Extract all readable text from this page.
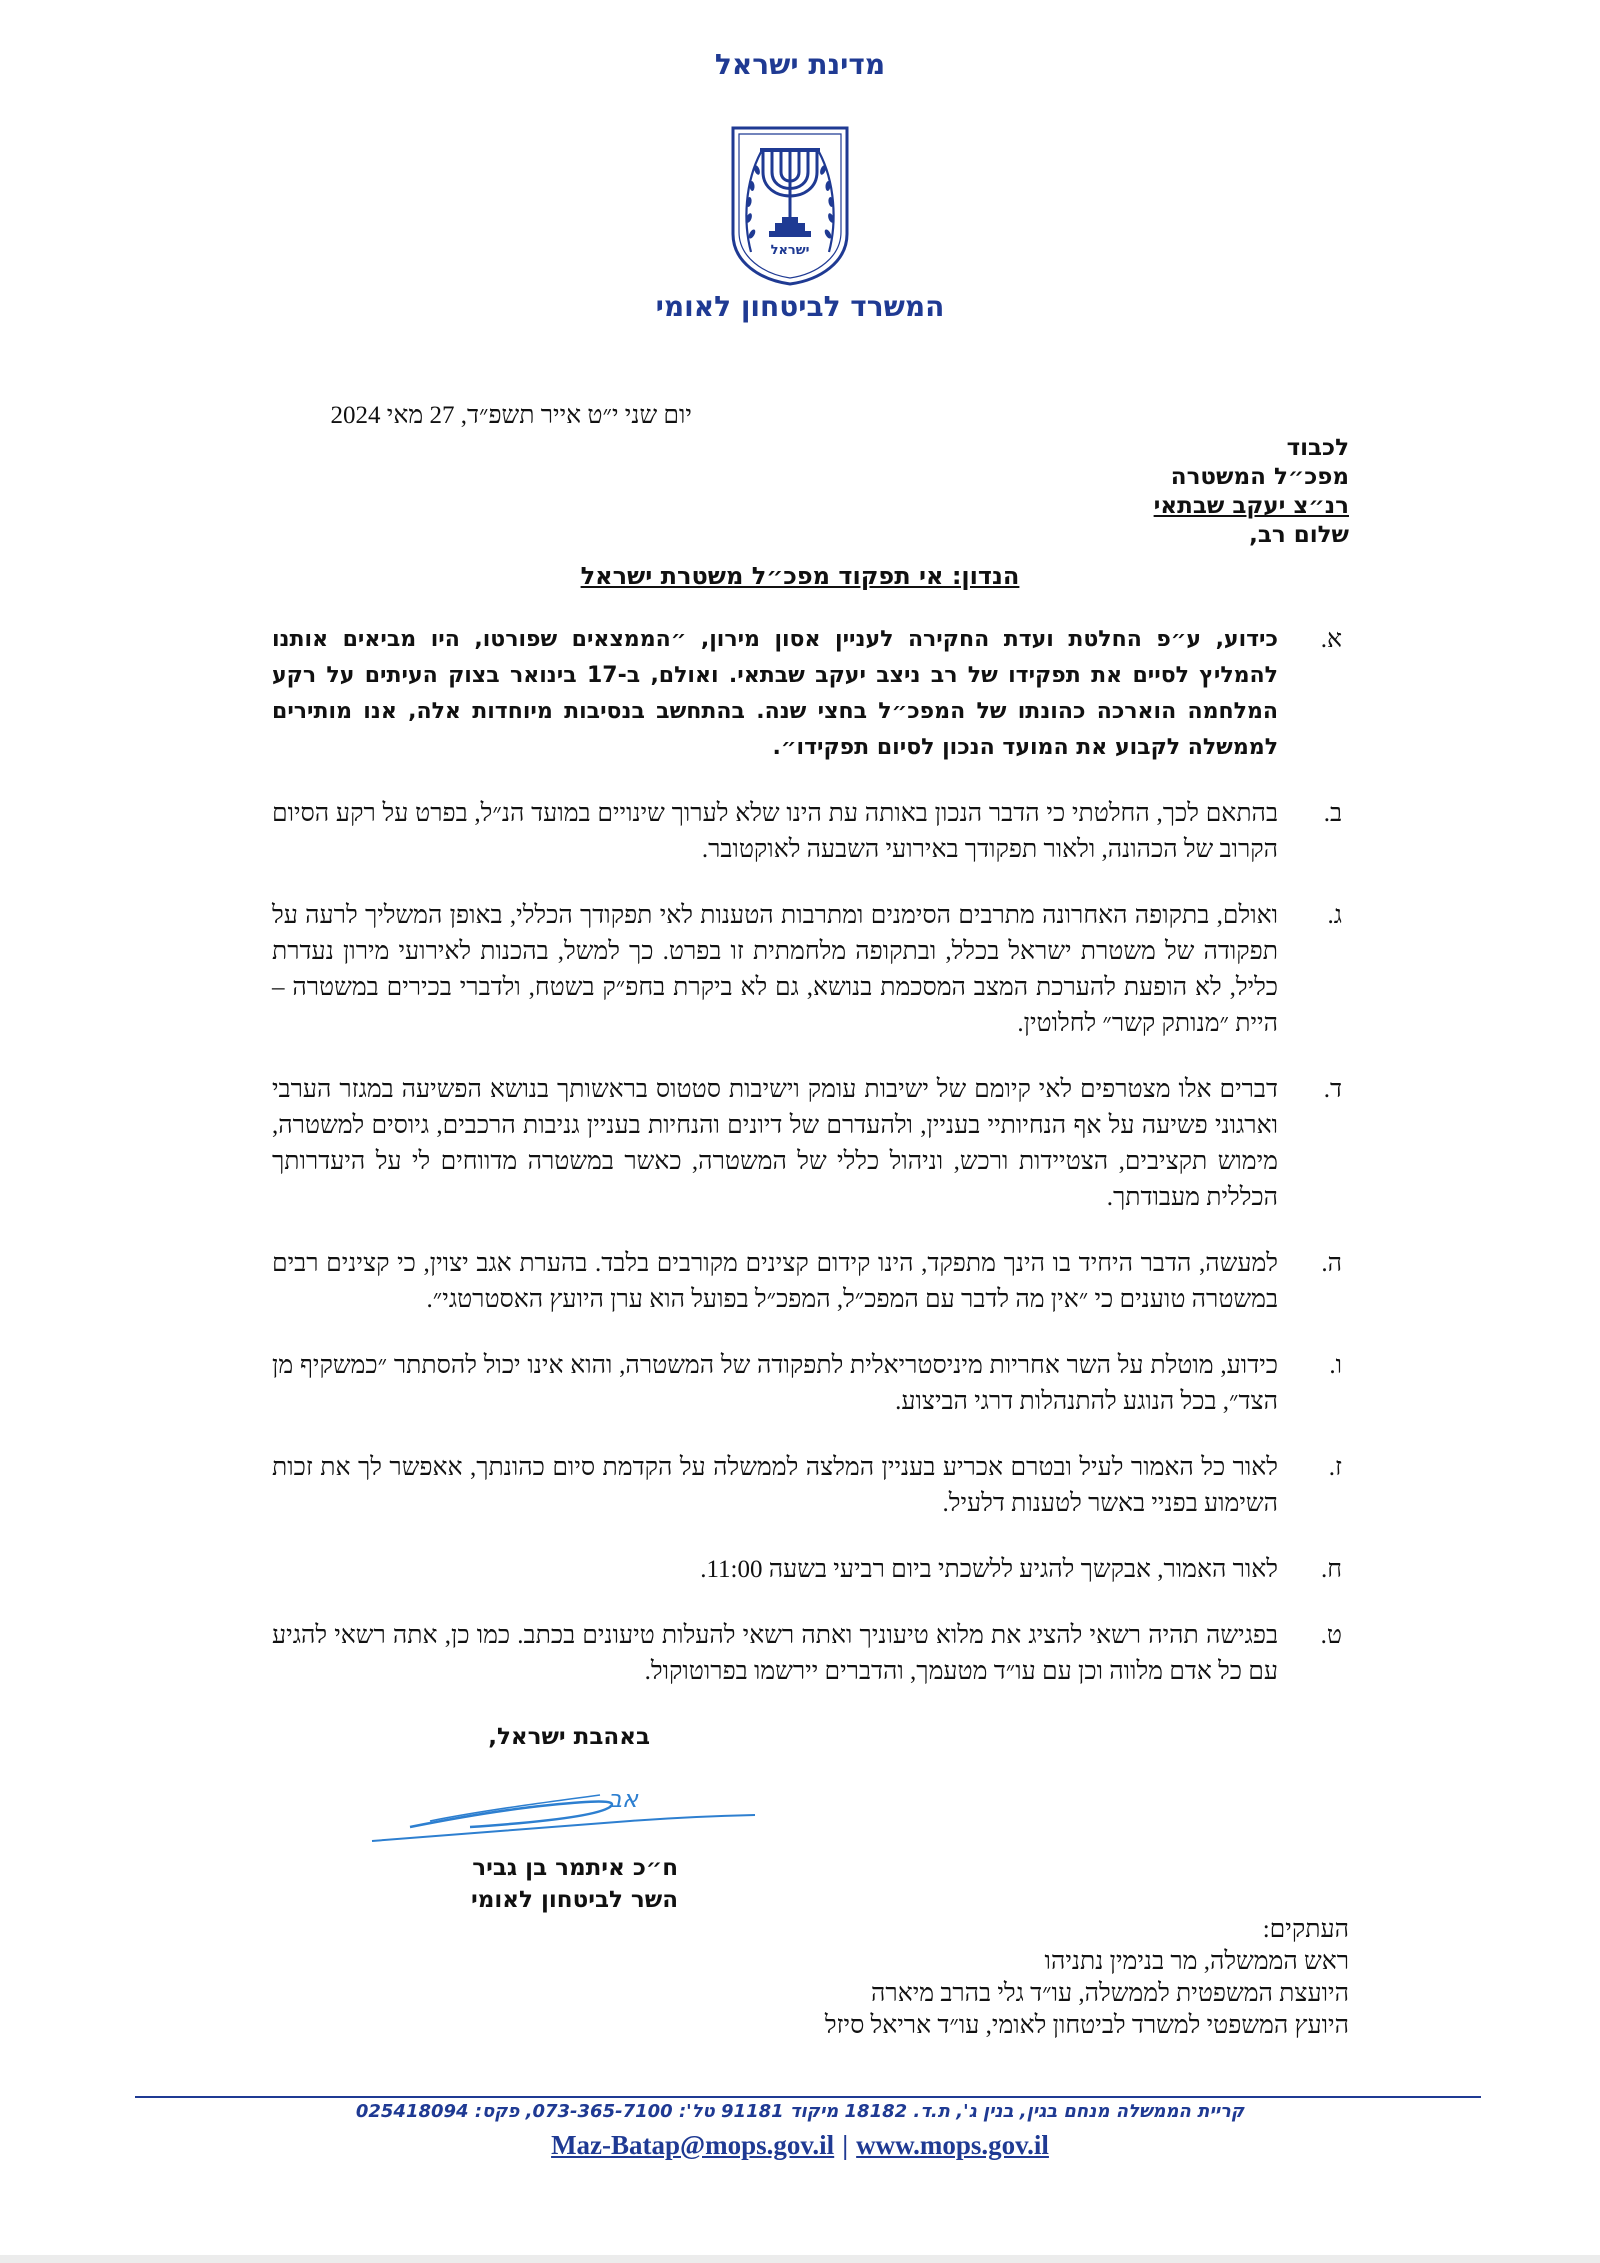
מדינת ישראל
ישראל
המשרד לביטחון לאומי
יום שני י״ט אייר תשפ״ד, 27 מאי 2024
לכבוד
מפכ״ל המשטרה
רנ״צ יעקב שבתאי
שלום רב,
הנדון: אי תפקוד מפכ״ל משטרת ישראל
א.
כידוע, ע״פ החלטת ועדת החקירה לעניין אסון מירון, ״הממצאים שפורטו, היו מביאים אותנו להמליץ לסיים את תפקידו של רב ניצב יעקב שבתאי. ואולם, ב-17 בינואר בצוק העיתים על רקע המלחמה הוארכה כהונתו של המפכ״ל בחצי שנה. בהתחשב בנסיבות מיוחדות אלה, אנו מותירים לממשלה לקבוע את המועד הנכון לסיום תפקידו״.
ב.
בהתאם לכך, החלטתי כי הדבר הנכון באותה עת הינו שלא לערוך שינויים במועד הנ״ל, בפרט על רקע הסיום הקרוב של הכהונה, ולאור תפקודך באירועי השבעה לאוקטובר.
ג.
ואולם, בתקופה האחרונה מתרבים הסימנים ומתרבות הטענות לאי תפקודך הכללי, באופן המשליך לרעה על תפקודה של משטרת ישראל בכלל, ובתקופה מלחמתית זו בפרט. כך למשל, בהכנות לאירועי מירון נעדרת כליל, לא הופעת להערכת המצב המסכמת בנושא, גם לא ביקרת בחפ״ק בשטח, ולדברי בכירים במשטרה – היית ״מנותק קשר״ לחלוטין.
ד.
דברים אלו מצטרפים לאי קיומם של ישיבות עומק וישיבות סטטוס בראשותך בנושא הפשיעה במגזר הערבי וארגוני פשיעה על אף הנחיותיי בעניין, ולהעדרם של דיונים והנחיות בעניין גניבות הרכבים, גיוסים למשטרה, מימוש תקציבים, הצטיידות ורכש, וניהול כללי של המשטרה, כאשר במשטרה מדווחים לי על היעדרותך הכללית מעבודתך.
ה.
למעשה, הדבר היחיד בו הינך מתפקד, הינו קידום קצינים מקורבים בלבד. בהערת אגב יצוין, כי קצינים רבים במשטרה טוענים כי ״אין מה לדבר עם המפכ״ל, המפכ״ל בפועל הוא ערן היועץ האסטרטגי״.
ו.
כידוע, מוטלת על השר אחריות מיניסטריאלית לתפקודה של המשטרה, והוא אינו יכול להסתתר ״כמשקיף מן הצד״, בכל הנוגע להתנהלות דרגי הביצוע.
ז.
לאור כל האמור לעיל ובטרם אכריע בעניין המלצה לממשלה על הקדמת סיום כהונתך, אאפשר לך את זכות השימוע בפניי באשר לטענות דלעיל.
ח.
לאור האמור, אבקשך להגיע ללשכתי ביום רביעי בשעה 11:00.
ט.
בפגישה תהיה רשאי להציג את מלוא טיעוניך ואתה רשאי להעלות טיעונים בכתב. כמו כן, אתה רשאי להגיע עם כל אדם מלווה וכן עם עו״ד מטעמך, והדברים יירשמו בפרוטוקול.
באהבת ישראל,
אב
ח״כ איתמר בן גביר
השר לביטחון לאומי
העתקים:
ראש הממשלה, מר בנימין נתניהו
היועצת המשפטית לממשלה, עו״ד גלי בהרב מיארה
היועץ המשפטי למשרד לביטחון לאומי, עו״ד אריאל סיזל
קריית הממשלה מנחם בגין, בנין ג', ת.ד. 18182 מיקוד 91181 טל': 073-365-7100, פקס: 025418094
Maz-Batap@mops.gov.il | www.mops.gov.il
